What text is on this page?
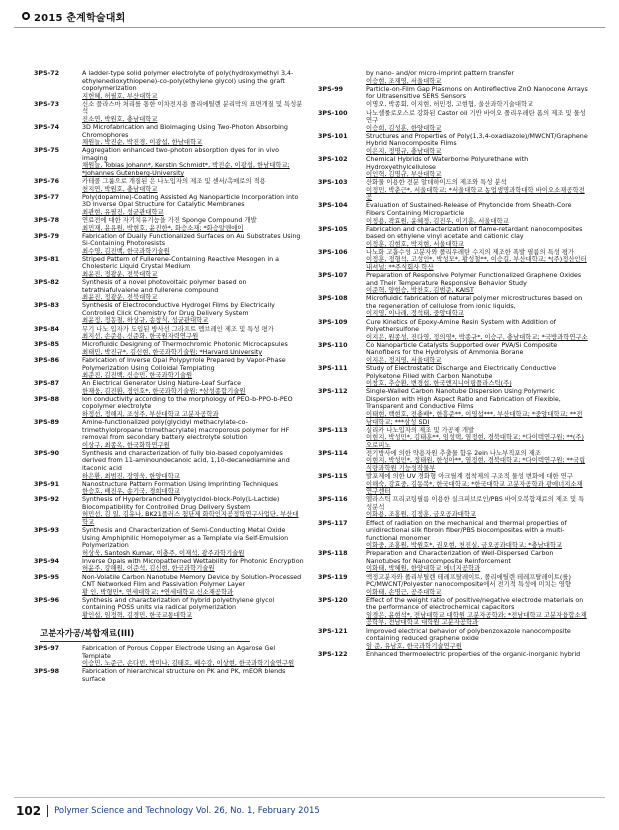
2015 춘계학술대회
3PS-72	A ladder-type solid polymer electrolyte of poly(hydroxymethyl 3,4-ethylenedioxythiopene)-co-poly(ethylene glycol) using the graft copolymerization
지헌혜, 허필호, 부산대학교
3PS-73	신소 플라스마 처리를 통한 이차전지용 폴리에틸렌 분리막의 표면개질 및 특성분석
진소연, 박원호, 충남대학교
3PS-74	3D Microfabrication and Bioimaging Using Two-Photon Absorbing Chromophores
채원늘, 박진순, 박진경, 이광섭, 한남대학교
3PS-75	Aggregation enhanced two-photon absorption dyes for in vivo imaging
채원늘, Tobias Johann*, Kerstin Schmidt*, 박진순, 이광섭, 한남대학교; *Johannes Gutenberg-University
3PS-76	카테콜 그룹으로 개질된 은 나노입자의 제조 및 센서/촉매로의 적용
천지연, 박원호, 충남대학교
3PS-77	Poly(dopamine)-Coating Assisted Ag Nanoparticle Incorporation into 3D Inverse Opal Structure for Catalytic Membranes
최관현, 유필진, 성균관대학교
3PS-78	연료전에 대한 자기치유기능을 가진 Sponge Compound 개발
최민재, 윤유원, 박현호, 윤진한*, 화승소재; *화승알앤에이
3PS-79	Fabrication of Dually Functionalized Surfaces on Au Substrates Using Si-Containing Photoresists
최수영, 김진백, 한국과학기술원
3PS-81	Striped Pattern of Fullerene-Containing Reactive Mesogen in a Cholesteric Liquid Crystal Medium
최윤진, 정광운, 전북대학교
3PS-82	Synthesis of a novel photovoltaic polymer based on tetrathiafulvalene and fullerene compound
최윤진, 정광운, 전북대학교
3PS-83	Synthesis of Electroconductive Hydrogel Films by Electrically Controlled Click Chemistry for Drug Delivery System
최윤정, 정동철, 하상규, 송창식, 성균관대학교
3PS-84	무기 나노 입자가 도입된 방사선 그라프트 멤브레인 제조 및 특성 평가
최지선, 손준용, 신준화, 한국원자력연구원
3PS-85	Microfluidic Designing of Thermochromic Photonic Microcapsules
최태민, 박진규*, 김신현, 한국과학기술원; *Harvard University
3PS-86	Fabrication of Inverse Opal Polypyrrole Prepared by Vapor-Phase Polymerization Using Colloidal Templating
최준진, 김진백, 신승민, 한국과학기술원
3PS-87	An Electrical Generator Using Nature-Leaf Surface
한재웅, 김진환, 정인호*, 한국과학기술원; *삼성종합기술원
3PS-88	Ion conductivity according to the morphology of PEO-b-PPO-b-PEO copolymer electrolyte
하정선, 정해지, 조성주, 부산대학교 고분자공학과
3PS-89	Amine-functionalized poly(glycidyl methacrylate-co-trimethylolpropane trimethacrylate) macroporous polymer for HF removal from secondary battery electrolyte solution
이상구, 최종옥, 한국화학연구원
3PS-90	Synthesis and characterization of fully bio-based copolyamides derived from 11-aminoundecanoic acid, 1,10-decanediamine and itaconic acid
하은환, 최범진, 장영욱, 한양대학교
3PS-91	Nanostructure Pattern Formation Using Imprinting Techniques
한승호, 배진우, 송기국, 경희대학교
3PS-92	Synthesis of Hyperbranched Polyglycidol-block-Poly(L-Lactide) Biocompatibility for Controlled Drug Delivery System
허민선, 김 일, 김유나, BK21플러스 첨단제 화학인지공정학연구사업단, 부산대학교
3PS-93	Synthesis and Characterization of Semi-Conducting Metal Oxide Using Amphiphilic Homopolymer as a Template via Self-Emulsion Polymerization
허상욱, Santosh Kumar, 이충주, 이재석, 광주과학기술원
3PS-94	Inverse Opals with Micropatterned Wettability for Photonic Encryption
허윤주, 강해원, 이준석, 김신현, 한국과학기술원
3PS-95	Non-Volatile Carbon Nanotube Memory Device by Solution-Processed CNT Networked Film and Passivation Polymer Layer
황 인, 박형민*, 연세대학교; *연세대학교 신소재공학과
3PS-96	Synthesis and characterization of hybrid polyethylene glycol containing POSS units via radical polymerization
황인섭, 임정혁, 김경민, 한국교통대학교
고분자가공/복합재료(III)
3PS-97	Fabrication of Porous Copper Electrode Using an Agarose Gel Template
이승민, 노준근, 손다빈, 박미나, 김태호, 배수강, 이상현, 한국과학기술연구원
3PS-98	Fabrication of hierarchical structure on PK and PK, mEOR blends surface
by nano- and/or micro-imprint pattern transfer
이승현, 조재영, 서울대학교
3PS-99	Particle-on-Film Gap Plasmons on Antireflective ZnO Nanocone Arrays for Ultrasensitive SERS Sensors
이명오, 박종회, 이지현, 허민정, 고현협, 울산과학기술대학교
3PS-100	나노셀룰로오스로 강화된 Castor oil 기반 바이오 폴리우레탄 폼의 제조 및 물성 연구
이승희, 김성훈, 한양대학교
3PS-101	Structures and Properties of Poly(1,3,4-oxadiazole)/MWCNT/Graphene Hybrid Nanocomposite Films
이은지, 정명규, 충남대학교
3PS-102	Chemical Hybrids of Waterborne Polyurethane with Hydroxyethylcellulose
이인혁, 김명규, 부산대학교
3PS-103	산화물 이용한 전분 알데하이드의 제조와 특성 분석
이정민, 박춘근*, 서울대학교; *서울대학교 농업생명과학대학 바이오소재공학전공
3PS-104	Evaluation of Sustained-Release of Phytoncide from Sheath-Core Fibers Containing Microparticle
이정용, 곽효원, 윤혜정, 김진우, 이기훈, 서울대학교
3PS-105	Fabrication and characterization of flame-retardant nanocomposites based on ethylene vinyl acetate and cationic clay
이정훈, 김현호, 박지현, 서울대학교
3PS-106	나노화 고흡수성 고분자와 폴리우레탄 수지의 제조한 폭발 필름의 특성 평가
이정훈, 정형석, 고성인*, 박성모*, 황성철**, 이승길, 부산대학교; *(주)정산인터내셔널; **주식회사 학산
3PS-107	Preparation of Responsive Polymer Functionalized Graphene Oxides and Their Temperature Responsive Behavior Study
이준혁, 양현승, 박찬호, 김범준, KAIST
3PS-108	Microfluidic fabrication of natural polymer microstructures based on the regeneration of cellulose from ionic liquids,
이지영, 이나래, 정석태, 중앙대학교
3PS-109	Cure Kinetics of Epoxy-Amine Resin System with Addition of Polyethersulfone
이지은, 원종성, 진다영, 정의영*, 박종규*, 이승구, 충남대학교; *국방과학연구소
3PS-110	Co Nanoparticle Catalysts Supported over PVA/Si Composite Nanofibers for the Hydrolysis of Ammonia Borane
이지은, 정지영, 서울대학교
3PS-111	Study of Electrostatic Discharge and Electrically Conductive Polyketone Filled with Carbon Nanotube
이창호, 추승환, 변경섭, 한국엔지니어링플라스틱(주)
3PS-112	Single-Walled Carbon Nanotube Dispersion Using Polymeric Dispersion with High Aspect Ratio and Fabrication of Flexible, Transparent and Conductive Films
이태현, 백현호, 전충배*, 한흥준**, 이영섭***, 부산대학교; *중앙대학교; **전남대학교; ***삼성 SDI
3PS-113	실리카 나노입자의 제조 및 가공제 개발
이현지, 박성민*, 김태훈**, 임성택, 염정현, 경북대학교; *다이텍연구원; **(주)오로피노
3PS-114	전기방사에 의한 약용자원 추출물 함유 2ein 나노부직포의 제조
이현지, 박성민*, 정태원, 한성아**, 염정현, 경북대학교; *다이텍연구원; **국립식량과학원 기능성작물부
3PS-115	발포제에 의한 UV 경화형 아크릴계 접착제의 구조적 물성 변화에 대한 연구
이해숙, 강효중, 김동복*, 한국대학교; *한국대학교 고분자공학과 광에너지소재연구센터
3PS-116	엘라스틱 프리코팅필름 이용한 실크피브로인/PBS 바이오복합재료의 제조 및 특성분석
이화용, 조홍원, 김정훈, 금오공과대학교
3PS-117	Effect of radiation on the mechanical and thermal properties of unidirectional silk fibroin fiber/PBS biocomposites with a multi-functional monomer
이화중, 조홍원, 박원호*, 권오현, 천진실, 금오공과대학교; *충남대학교
3PS-118	Preparation and Characterization of Well-Dispersed Carbon Nanotubes for Nanocomposite Reinforcement
이화태, 박혜원, 한양대학교 에너지공학과
3PS-119	액정고분자와 폴리부틸렌 테레프탈레이트, 폴리에틸렌 테레프탈레이트(를) PC/MWCNT/Polyester nanocomposite에서 전기적 특성에 미치는 영향
이화태, 손명근, 공주대학교
3PS-120	Effect of the weight ratio of positive/negative electrode materials on the performance of electrochemical capacitors
임경은, 윤현석*, 전남대학교 대학원 고분자공학과; *전남대학교 고분자융합소재공학부, 전남대학교 대학원 고분자공학과
3PS-121	Improved electrical behavior of polybenzoxazole nanocomposite containing reduced graphene oxide
임 준, 유남호, 한국과학기술연구원
3PS-122	Enhanced thermoelectric properties of the organic-inorganic hybrid
102 Polymer Science and Technology Vol. 26, No. 1, February 2015
